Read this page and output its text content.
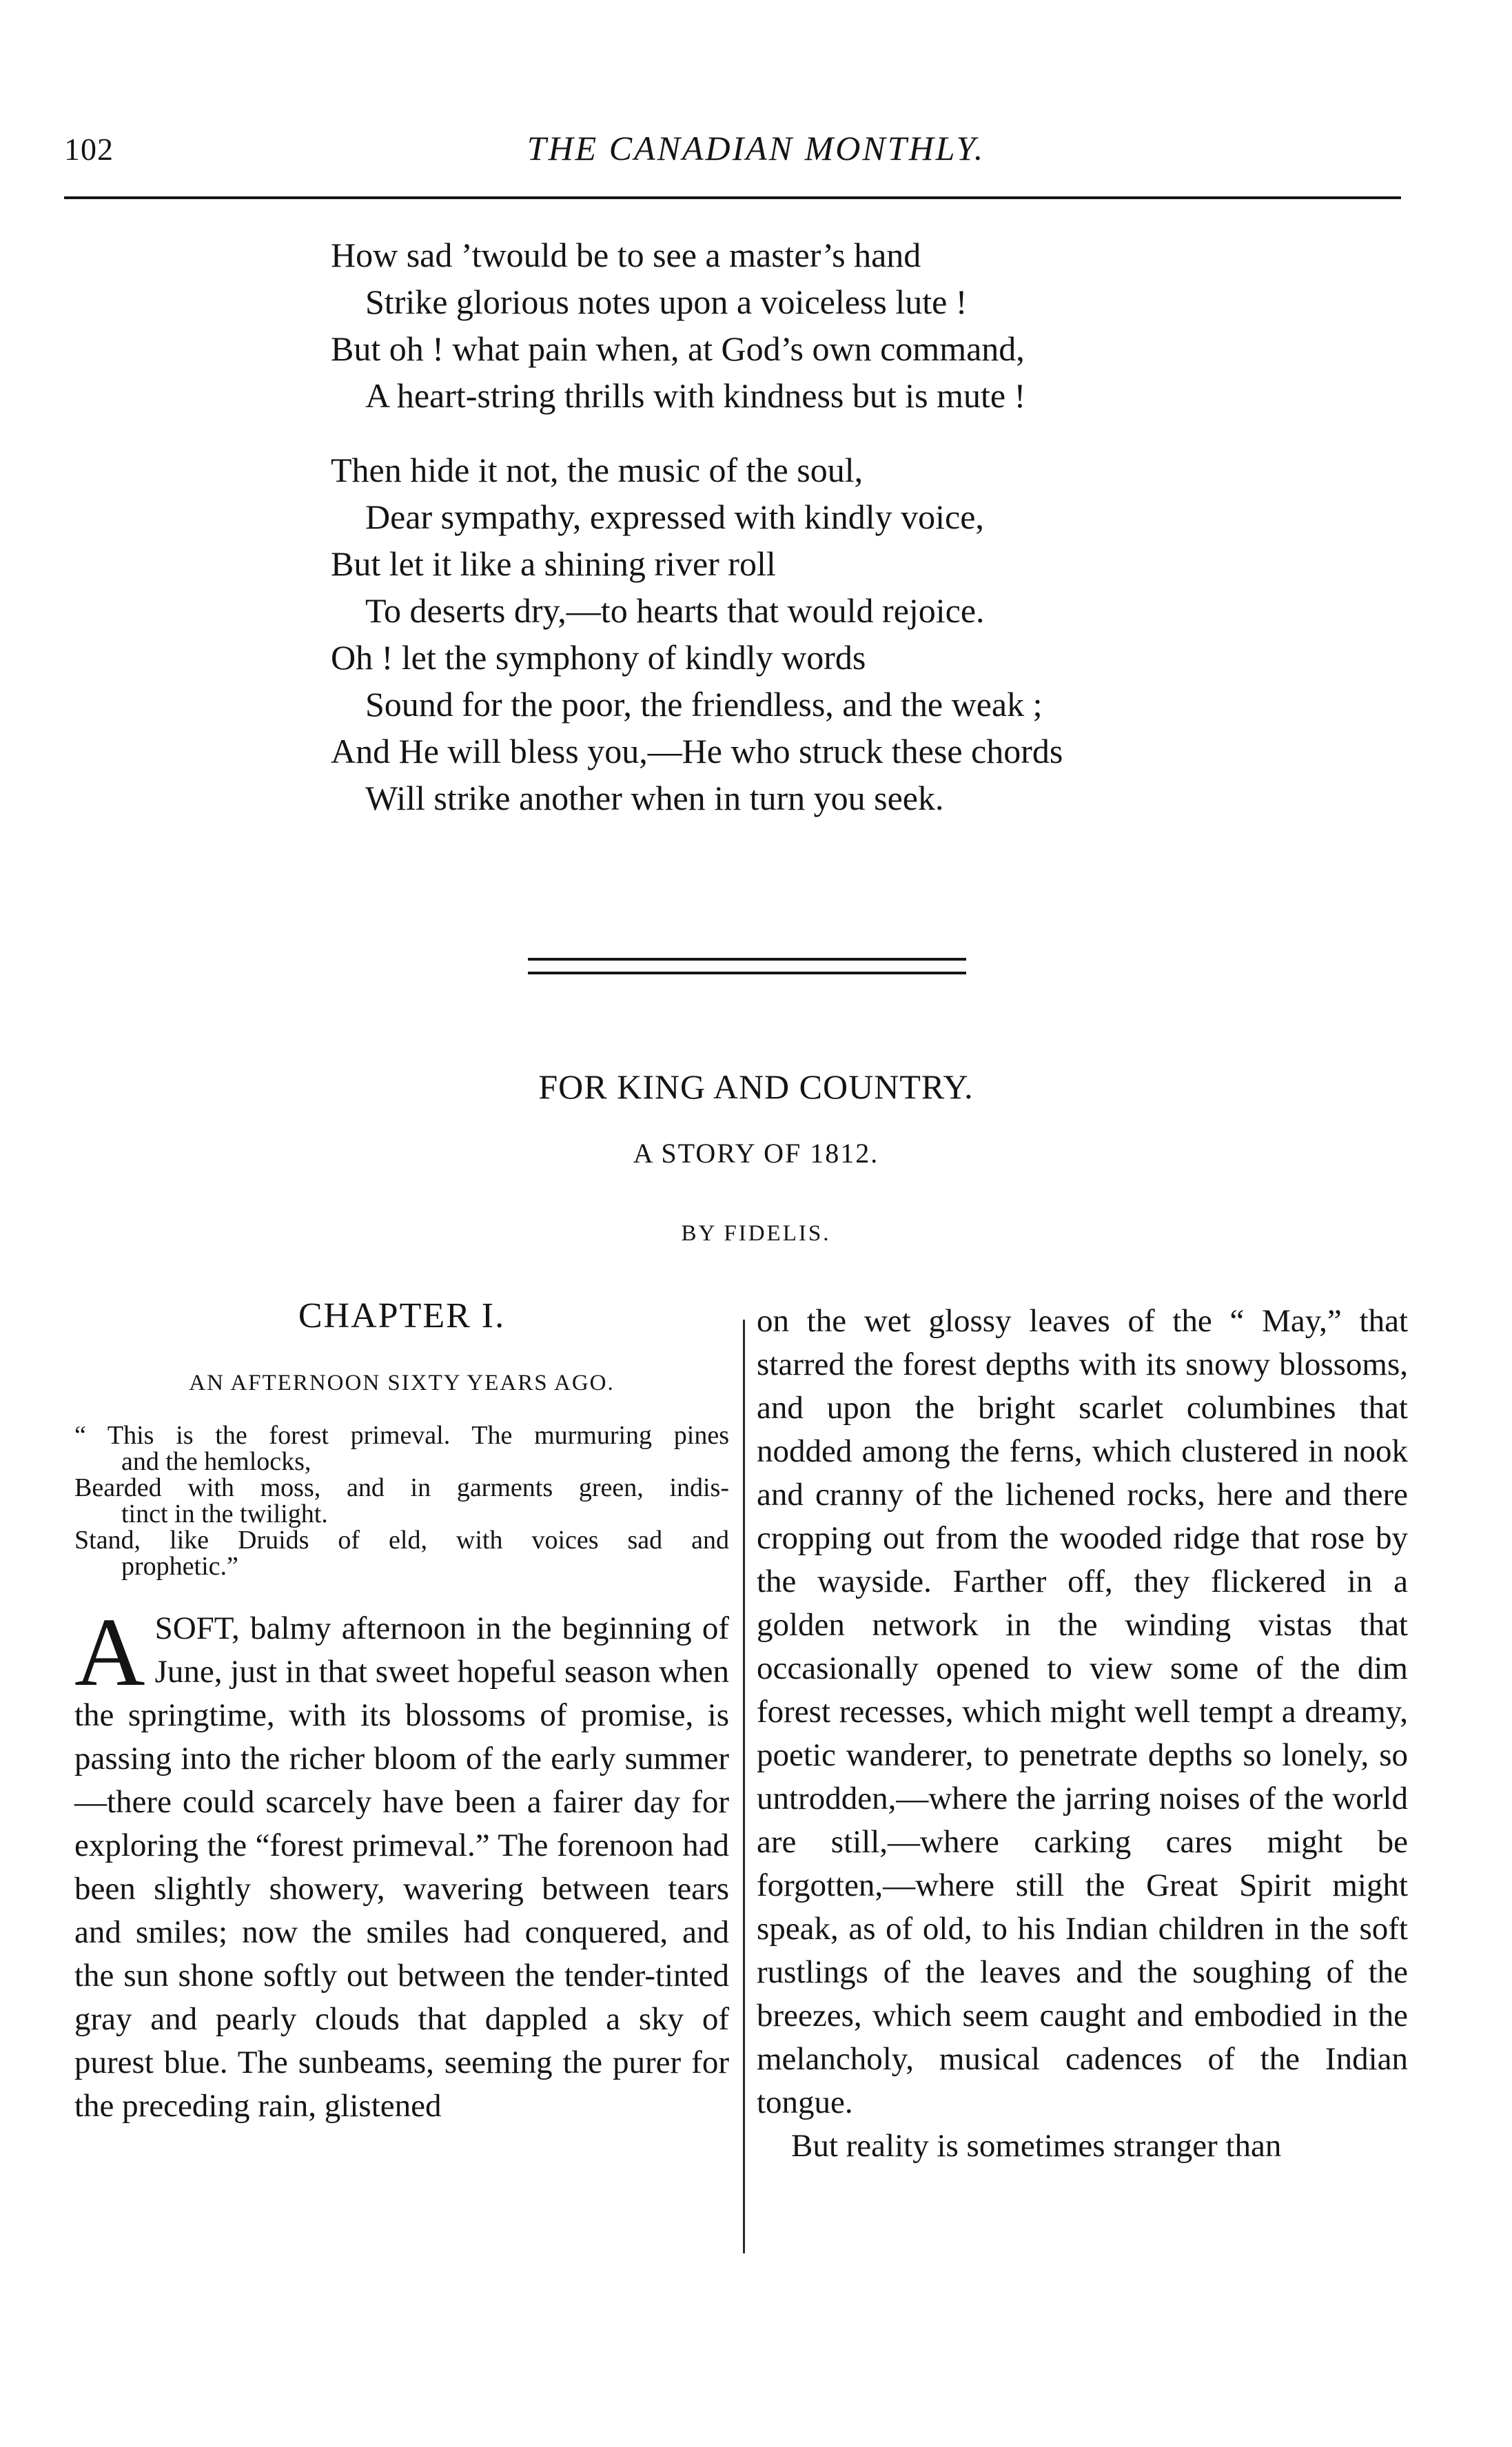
102	THE CANADIAN MONTHLY.
How sad ’twould be to see a master’s hand
Strike glorious notes upon a voiceless lute !
But oh ! what pain when, at God’s own command,
A heart-string thrills with kindness but is mute !
Then hide it not, the music of the soul,
Dear sympathy, expressed with kindly voice,
But let it like a shining river roll
To deserts dry,—to hearts that would rejoice.
Oh ! let the symphony of kindly words
Sound for the poor, the friendless, and the weak ;
And He will bless you,—He who struck these chords
Will strike another when in turn you seek.
FOR KING AND COUNTRY.
A STORY OF 1812.
BY FIDELIS.
CHAPTER I.
AN AFTERNOON SIXTY YEARS AGO.
“ This is the forest primeval. The murmuring pines
and the hemlocks,
Bearded with moss, and in garments green, indis-
tinct in the twilight.
Stand, like Druids of eld, with voices sad and
prophetic.”
ASOFT, balmy afternoon in the beginning of June, just in that sweet hopeful season when the springtime, with its blossoms of promise, is passing into the richer bloom of the early summer—there could scarcely have been a fairer day for exploring the “forest primeval.” The forenoon had been slightly showery, wavering between tears and smiles; now the smiles had conquered, and the sun shone softly out between the tender-tinted gray and pearly clouds that dappled a sky of purest blue. The sunbeams, seeming the purer for the preceding rain, glistened
on the wet glossy leaves of the “ May,” that starred the forest depths with its snowy blossoms, and upon the bright scarlet columbines that nodded among the ferns, which clustered in nook and cranny of the lichened rocks, here and there cropping out from the wooded ridge that rose by the wayside. Farther off, they flickered in a golden network in the winding vistas that occasionally opened to view some of the dim forest recesses, which might well tempt a dreamy, poetic wanderer, to penetrate depths so lonely, so untrodden,—where the jarring noises of the world are still,—where carking cares might be forgotten,—where still the Great Spirit might speak, as of old, to his Indian children in the soft rustlings of the leaves and the soughing of the breezes, which seem caught and embodied in the melancholy, musical cadences of the Indian tongue.
But reality is sometimes stranger than
